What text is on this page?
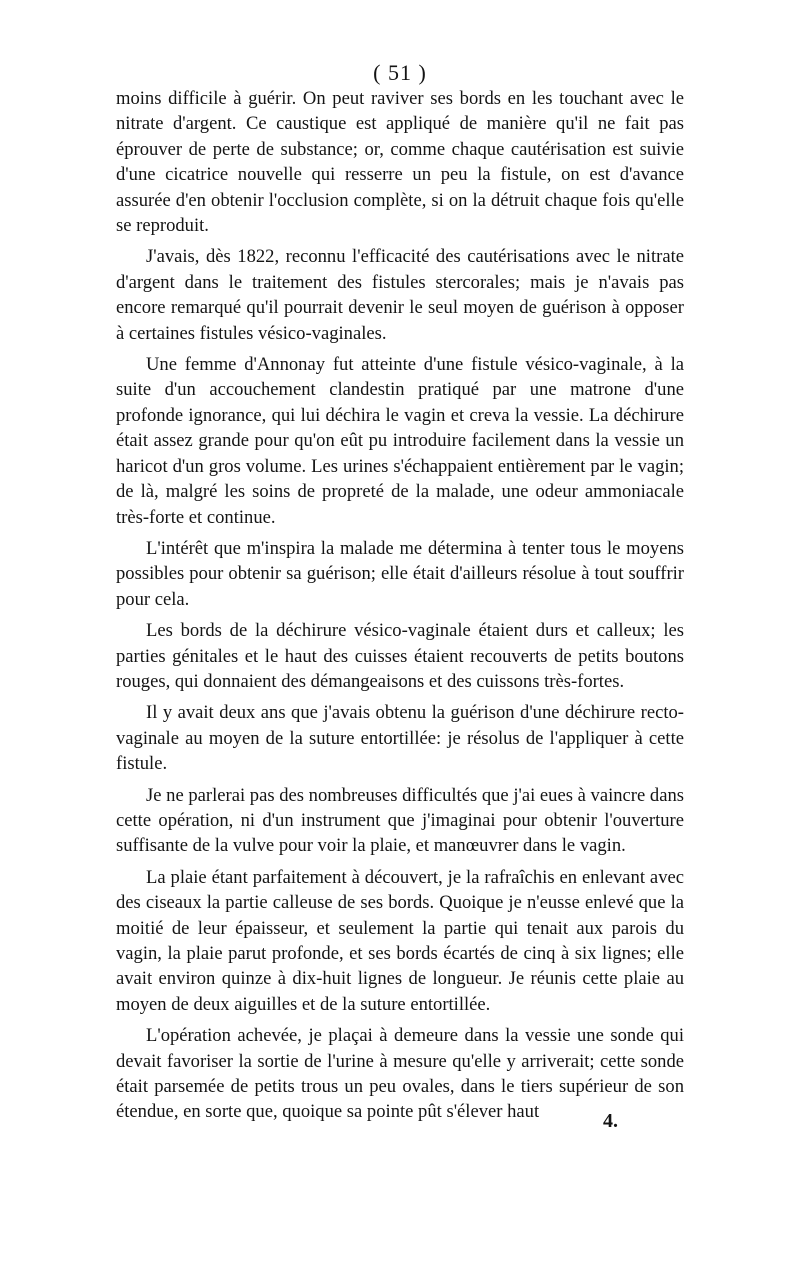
( 51 )

moins difficile à guérir. On peut raviver ses bords en les touchant avec le nitrate d'argent. Ce caustique est appliqué de manière qu'il ne fait pas éprouver de perte de substance; or, comme chaque cautérisation est suivie d'une cicatrice nouvelle qui resserre un peu la fistule, on est d'avance assurée d'en obtenir l'occlusion complète, si on la détruit chaque fois qu'elle se reproduit.

J'avais, dès 1822, reconnu l'efficacité des cautérisations avec le nitrate d'argent dans le traitement des fistules stercorales; mais je n'avais pas encore remarqué qu'il pourrait devenir le seul moyen de guérison à opposer à certaines fistules vésico-vaginales.

Une femme d'Annonay fut atteinte d'une fistule vésico-vaginale, à la suite d'un accouchement clandestin pratiqué par une matrone d'une profonde ignorance, qui lui déchira le vagin et creva la vessie. La déchirure était assez grande pour qu'on eût pu introduire facilement dans la vessie un haricot d'un gros volume. Les urines s'échappaient entièrement par le vagin; de là, malgré les soins de propreté de la malade, une odeur ammoniacale très-forte et continue.

L'intérêt que m'inspira la malade me détermina à tenter tous le moyens possibles pour obtenir sa guérison; elle était d'ailleurs résolue à tout souffrir pour cela.

Les bords de la déchirure vésico-vaginale étaient durs et calleux; les parties génitales et le haut des cuisses étaient recouverts de petits boutons rouges, qui donnaient des démangeaisons et des cuissons très-fortes.

Il y avait deux ans que j'avais obtenu la guérison d'une déchirure recto-vaginale au moyen de la suture entortillée: je résolus de l'appliquer à cette fistule.

Je ne parlerai pas des nombreuses difficultés que j'ai eues à vaincre dans cette opération, ni d'un instrument que j'imaginai pour obtenir l'ouverture suffisante de la vulve pour voir la plaie, et manœuvrer dans le vagin.

La plaie étant parfaitement à découvert, je la rafraîchis en enlevant avec des ciseaux la partie calleuse de ses bords. Quoique je n'eusse enlevé que la moitié de leur épaisseur, et seulement la partie qui tenait aux parois du vagin, la plaie parut profonde, et ses bords écartés de cinq à six lignes; elle avait environ quinze à dix-huit lignes de longueur. Je réunis cette plaie au moyen de deux aiguilles et de la suture entortillée.

L'opération achevée, je plaçai à demeure dans la vessie une sonde qui devait favoriser la sortie de l'urine à mesure qu'elle y arriverait; cette sonde était parsemée de petits trous un peu ovales, dans le tiers supérieur de son étendue, en sorte que, quoique sa pointe pût s'élever haut	4.
